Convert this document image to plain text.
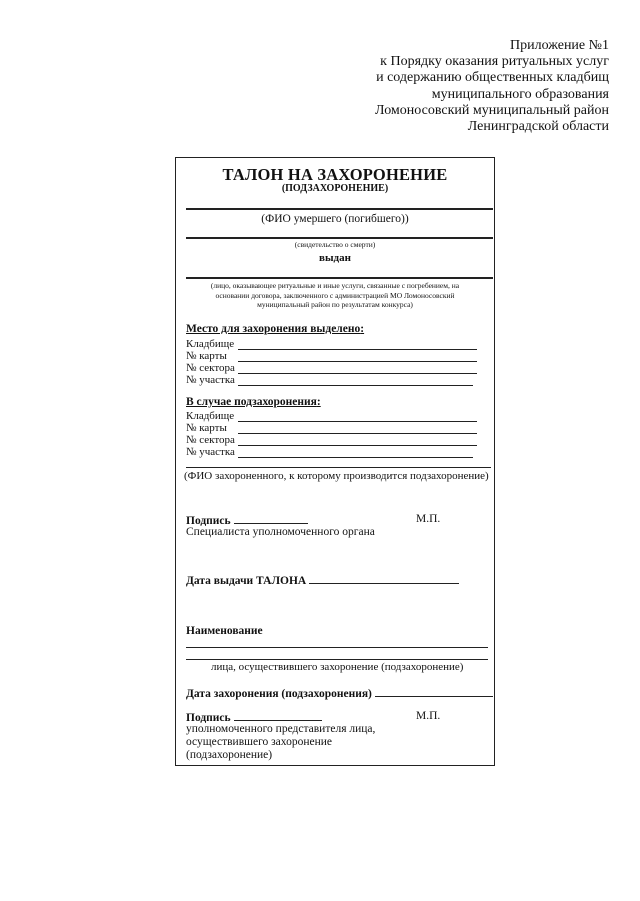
Приложение №1
к Порядку оказания ритуальных услуг
и содержанию общественных кладбищ
муниципального образования
Ломоносовский муниципальный район
Ленинградской области
ТАЛОН НА ЗАХОРОНЕНИЕ
(ПОДЗАХОРОНЕНИЕ)
(ФИО умершего (погибшего))
(свидетельство о смерти)
выдан
(лицо, оказывающее ритуальные и иные услуги, связанные с погребением, на
основании договора, заключенного с администрацией МО Ломоносовский
муниципальный район по результатам конкурса)
Место для захоронения выделено:
Кладбище
№ карты
№ сектора
№ участка
В случае подзахоронения:
Кладбище
№ карты
№ сектора
№ участка
(ФИО захороненного, к которому производится подзахоронение)
Подпись	М.П.
Специалиста уполномоченного органа
Дата выдачи ТАЛОНА
Наименование
лица, осуществившего захоронение (подзахоронение)
Дата захоронения (подзахоронения)
Подпись	М.П.
уполномоченного представителя лица,
осуществившего захоронение
(подзахоронение)
